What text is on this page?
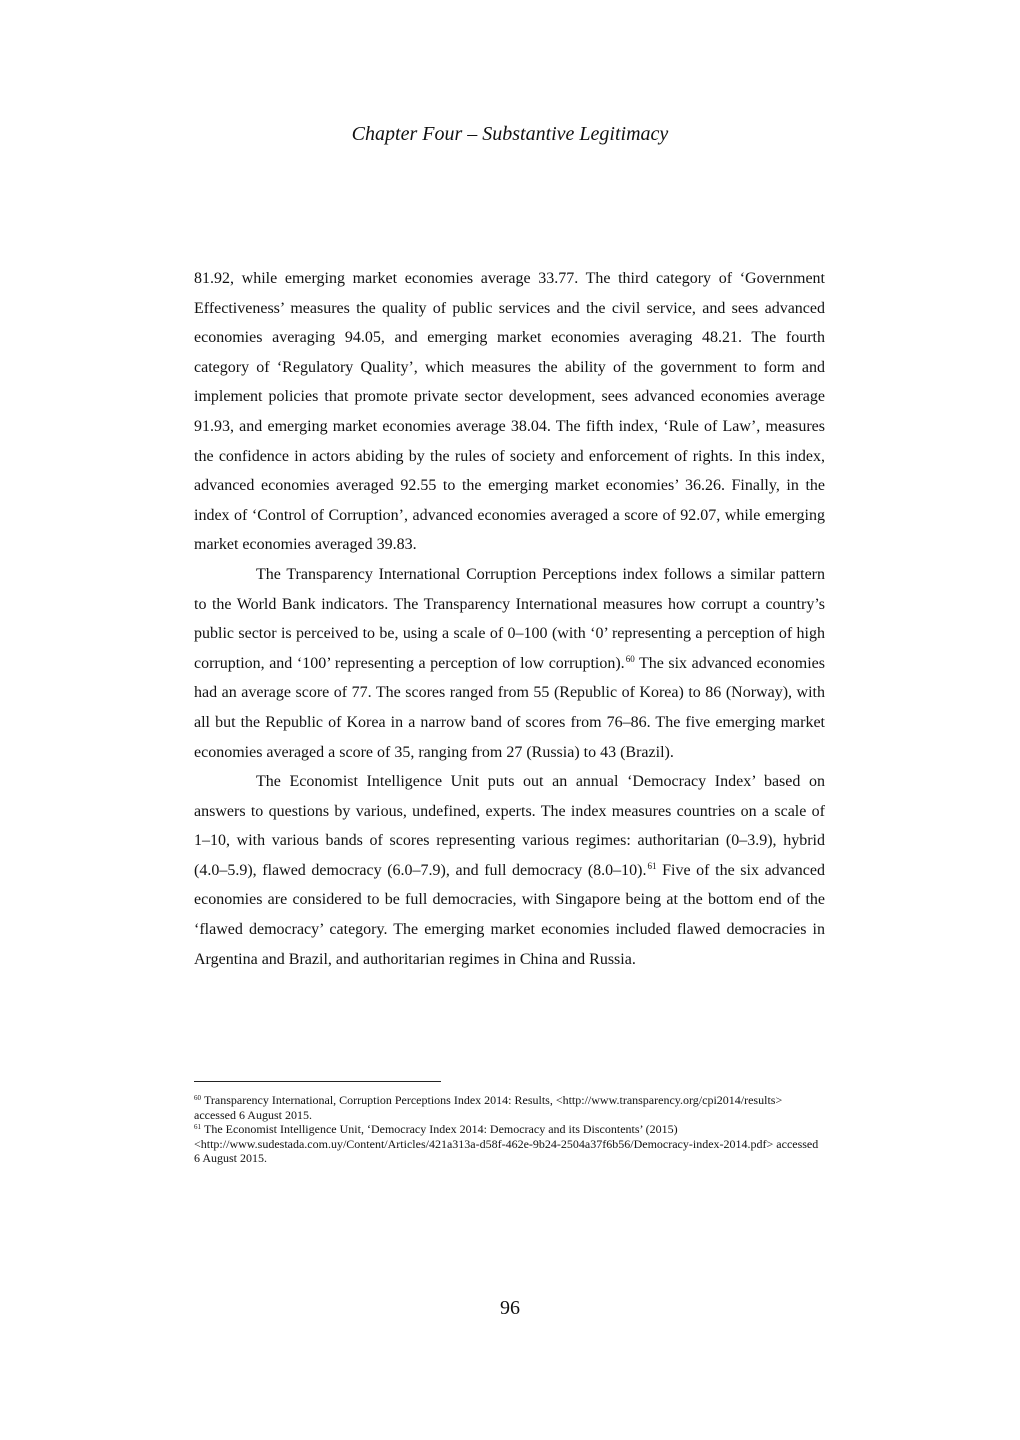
Chapter Four – Substantive Legitimacy

81.92, while emerging market economies average 33.77. The third category of ‘Government Effectiveness’ measures the quality of public services and the civil service, and sees advanced economies averaging 94.05, and emerging market economies averaging 48.21. The fourth category of ‘Regulatory Quality’, which measures the ability of the government to form and implement policies that promote private sector development, sees advanced economies average 91.93, and emerging market economies average 38.04. The fifth index, ‘Rule of Law’, measures the confidence in actors abiding by the rules of society and enforcement of rights. In this index, advanced economies averaged 92.55 to the emerging market economies’ 36.26. Finally, in the index of ‘Control of Corruption’, advanced economies averaged a score of 92.07, while emerging market economies averaged 39.83.

The Transparency International Corruption Perceptions index follows a similar pattern to the World Bank indicators. The Transparency International measures how corrupt a country’s public sector is perceived to be, using a scale of 0–100 (with ‘0’ representing a perception of high corruption, and ‘100’ representing a perception of low corruption).$^{60}$ The six advanced economies had an average score of 77. The scores ranged from 55 (Republic of Korea) to 86 (Norway), with all but the Republic of Korea in a narrow band of scores from 76–86. The five emerging market economies averaged a score of 35, ranging from 27 (Russia) to 43 (Brazil).

The Economist Intelligence Unit puts out an annual ‘Democracy Index’ based on answers to questions by various, undefined, experts. The index measures countries on a scale of 1–10, with various bands of scores representing various regimes: authoritarian (0–3.9), hybrid (4.0–5.9), flawed democracy (6.0–7.9), and full democracy (8.0–10).$^{61}$ Five of the six advanced economies are considered to be full democracies, with Singapore being at the bottom end of the ‘flawed democracy’ category. The emerging market economies included flawed democracies in Argentina and Brazil, and authoritarian regimes in China and Russia.

$^{60}$ Transparency International, Corruption Perceptions Index 2014: Results, <http://www.transparency.org/cpi2014/results> accessed 6 August 2015.

$^{61}$ The Economist Intelligence Unit, ‘Democracy Index 2014: Democracy and its Discontents’ (2015) <http://www.sudestada.com.uy/Content/Articles/421a313a-d58f-462e-9b24-2504a37f6b56/Democracy-index-2014.pdf> accessed 6 August 2015.

96
